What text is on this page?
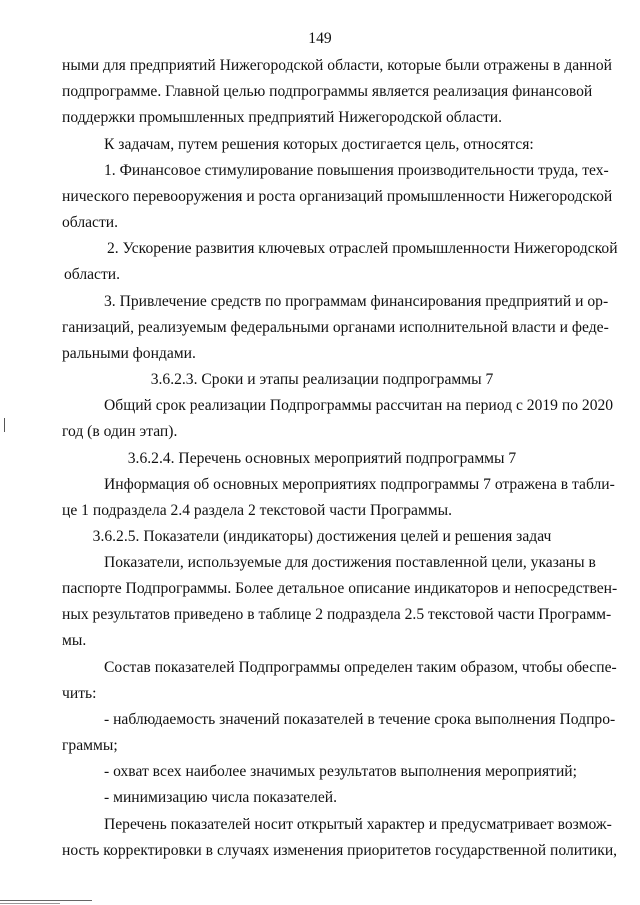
149
ными для предприятий Нижегородской области, которые были отражены в данной
подпрограмме. Главной целью подпрограммы является реализация финансовой
поддержки промышленных предприятий Нижегородской области.
К задачам, путем решения которых достигается цель, относятся:
1. Финансовое стимулирование повышения производительности труда, тех-
нического перевооружения и роста организаций промышленности Нижегородской
области.
2. Ускорение развития ключевых отраслей промышленности Нижегородской
области.
3. Привлечение средств по программам финансирования предприятий и ор-
ганизаций, реализуемым федеральными органами исполнительной власти и феде-
ральными фондами.
3.6.2.3. Сроки и этапы реализации подпрограммы 7
Общий срок реализации Подпрограммы рассчитан на период с 2019 по 2020
год (в один этап).
3.6.2.4. Перечень основных мероприятий подпрограммы 7
Информация об основных мероприятиях подпрограммы 7 отражена в табли-
це 1 подраздела 2.4 раздела 2 текстовой части Программы.
3.6.2.5. Показатели (индикаторы) достижения целей и решения задач
Показатели, используемые для достижения поставленной цели, указаны в
паспорте Подпрограммы. Более детальное описание индикаторов и непосредствен-
ных результатов приведено в таблице 2 подраздела 2.5 текстовой части Программ-
мы.
Состав показателей Подпрограммы определен таким образом, чтобы обеспе-
чить:
- наблюдаемость значений показателей в течение срока выполнения Подпро-
граммы;
- охват всех наиболее значимых результатов выполнения мероприятий;
- минимизацию числа показателей.
Перечень показателей носит открытый характер и предусматривает возмож-
ность корректировки в случаях изменения приоритетов государственной политики,
